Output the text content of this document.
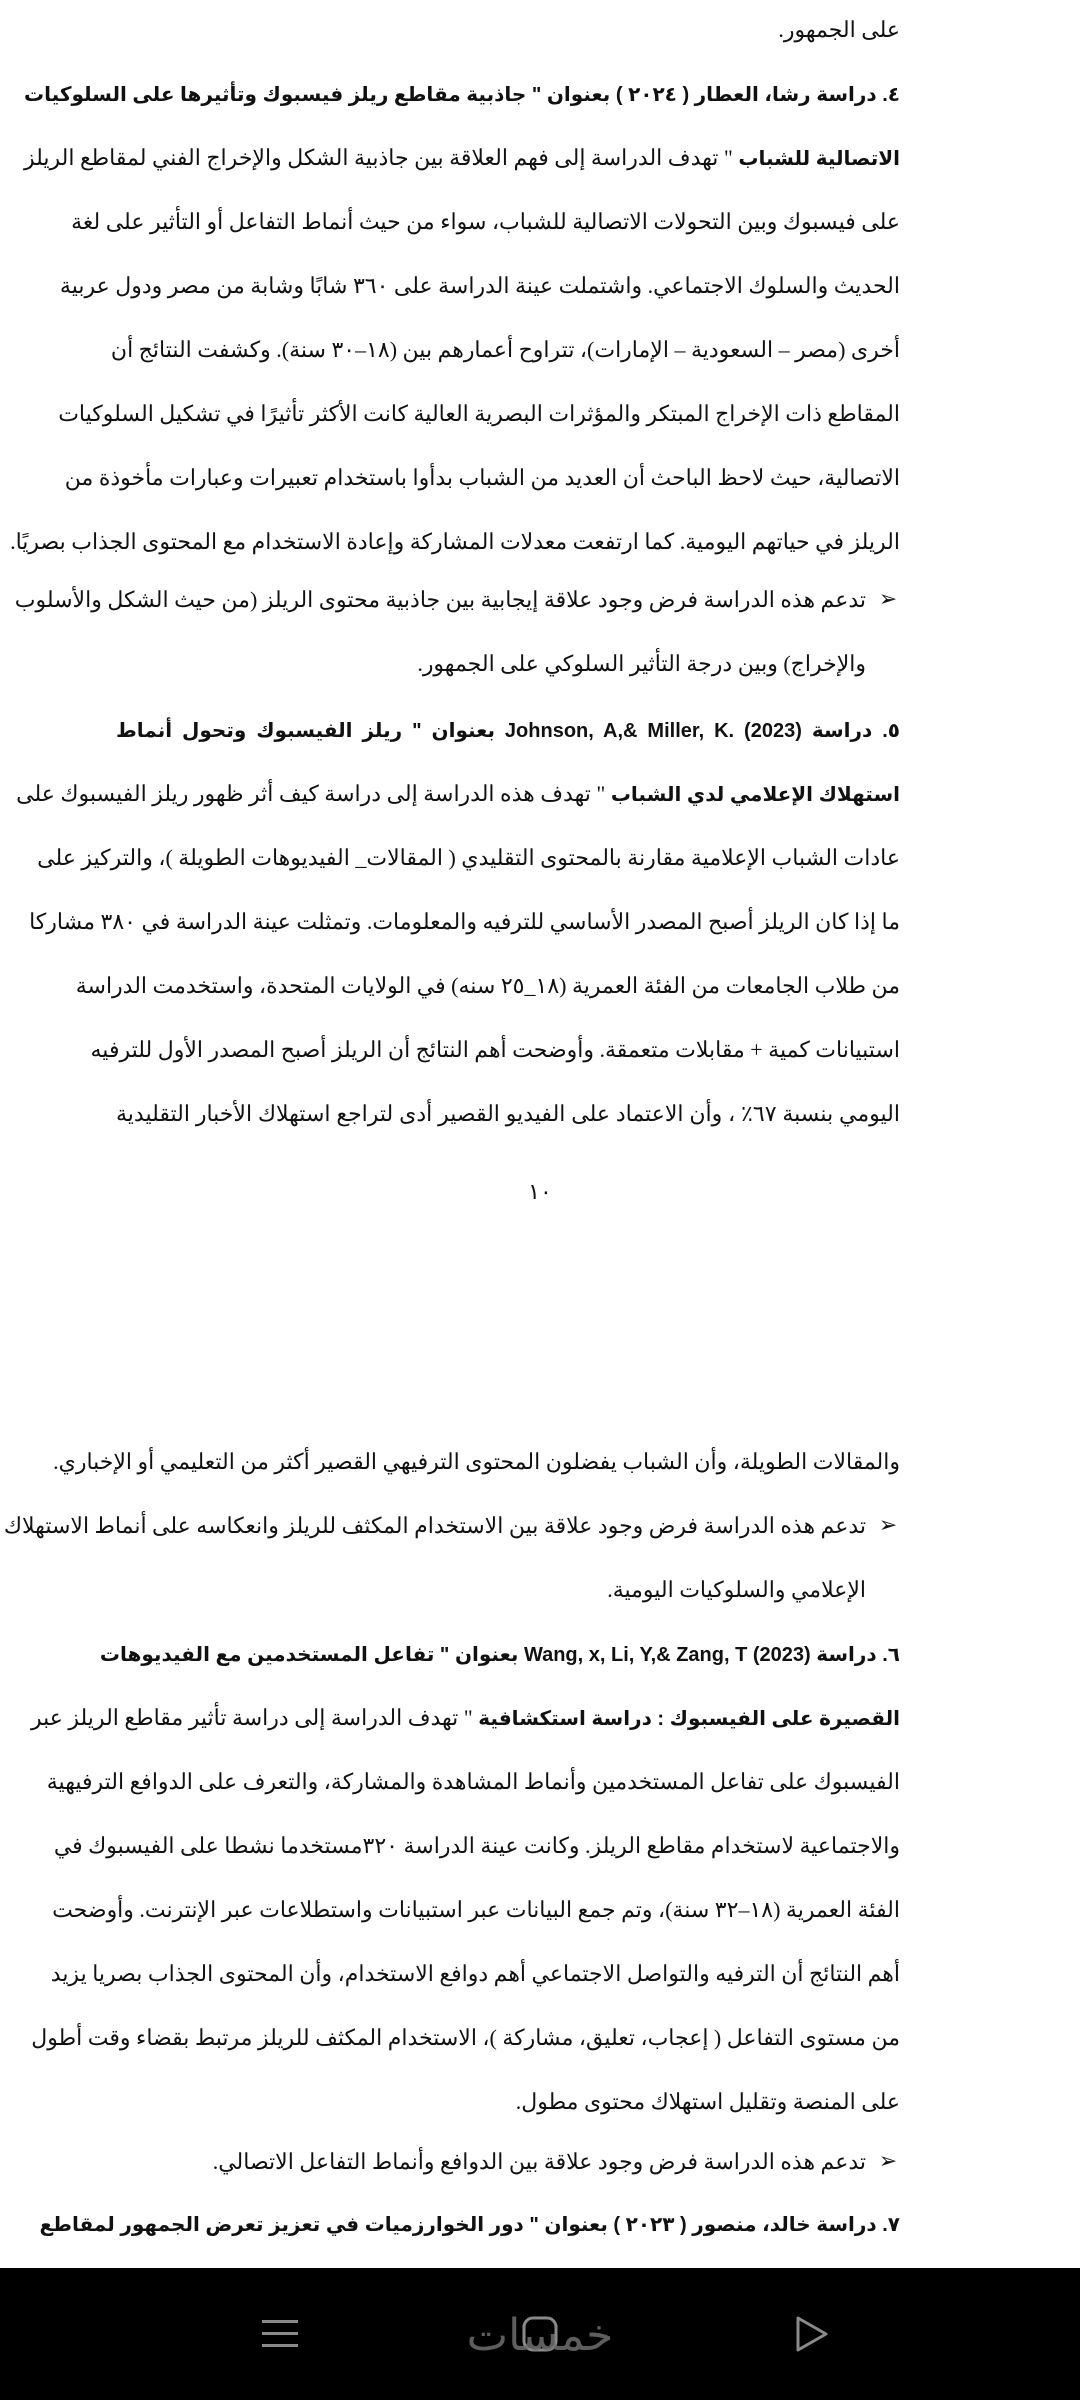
على الجمهور.
٤. دراسة رشا، العطار ( ٢٠٢٤ ) بعنوان " جاذبية مقاطع ريلز فيسبوك وتأثيرها على السلوكيات
الاتصالية للشباب " تهدف الدراسة إلى فهم العلاقة بين جاذبية الشكل والإخراج الفني لمقاطع الريلز
على فيسبوك وبين التحولات الاتصالية للشباب، سواء من حيث أنماط التفاعل أو التأثير على لغة
الحديث والسلوك الاجتماعي. واشتملت عينة الدراسة على ٣٦٠ شابًا وشابة من مصر ودول عربية
أخرى (مصر – السعودية – الإمارات)، تتراوح أعمارهم بين (١٨–٣٠ سنة). وكشفت النتائج أن
المقاطع ذات الإخراج المبتكر والمؤثرات البصرية العالية كانت الأكثر تأثيرًا في تشكيل السلوكيات
الاتصالية، حيث لاحظ الباحث أن العديد من الشباب بدأوا باستخدام تعبيرات وعبارات مأخوذة من
الريلز في حياتهم اليومية. كما ارتفعت معدلات المشاركة وإعادة الاستخدام مع المحتوى الجذاب بصريًا.
➢
تدعم هذه الدراسة فرض وجود علاقة إيجابية بين جاذبية محتوى الريلز (من حيث الشكل والأسلوب
والإخراج) وبين درجة التأثير السلوكي على الجمهور.
٥. دراسة Johnson, A,& Miller, K. (2023) بعنوان " ريلز الفيسبوك وتحول أنماط
استهلاك الإعلامي لدي الشباب " تهدف هذه الدراسة إلى دراسة كيف أثر ظهور ريلز الفيسبوك على
عادات الشباب الإعلامية مقارنة بالمحتوى التقليدي ( المقالات_ الفيديوهات الطويلة )، والتركيز على
ما إذا كان الريلز أصبح المصدر الأساسي للترفيه والمعلومات. وتمثلت عينة الدراسة في ٣٨٠ مشاركا
من طلاب الجامعات من الفئة العمرية (١٨_٢٥ سنه) في الولايات المتحدة، واستخدمت الدراسة
استبيانات كمية + مقابلات متعمقة. وأوضحت أهم النتائج أن الريلز أصبح المصدر الأول للترفيه
اليومي بنسبة ٦٧٪ ، وأن الاعتماد على الفيديو القصير أدى لتراجع استهلاك الأخبار التقليدية
١٠
والمقالات الطويلة، وأن الشباب يفضلون المحتوى الترفيهي القصير أكثر من التعليمي أو الإخباري.
➢
تدعم هذه الدراسة فرض وجود علاقة بين الاستخدام المكثف للريلز وانعكاسه على أنماط الاستهلاك
الإعلامي والسلوكيات اليومية.
٦. دراسة Wang, x, Li, Y,& Zang, T (2023) بعنوان " تفاعل المستخدمين مع الفيديوهات
القصيرة على الفيسبوك : دراسة استكشافية " تهدف الدراسة إلى دراسة تأثير مقاطع الريلز عبر
الفيسبوك على تفاعل المستخدمين وأنماط المشاهدة والمشاركة، والتعرف على الدوافع الترفيهية
والاجتماعية لاستخدام مقاطع الريلز. وكانت عينة الدراسة ٣٢٠مستخدما نشطا على الفيسبوك في
الفئة العمرية (١٨–٣٢ سنة)، وتم جمع البيانات عبر استبيانات واستطلاعات عبر الإنترنت. وأوضحت
أهم النتائج أن الترفيه والتواصل الاجتماعي أهم دوافع الاستخدام، وأن المحتوى الجذاب بصريا يزيد
من مستوى التفاعل ( إعجاب، تعليق، مشاركة )، الاستخدام المكثف للريلز مرتبط بقضاء وقت أطول
على المنصة وتقليل استهلاك محتوى مطول.
➢
تدعم هذه الدراسة فرض وجود علاقة بين الدوافع وأنماط التفاعل الاتصالي.
٧. دراسة خالد، منصور ( ٢٠٢٣ ) بعنوان " دور الخوارزميات في تعزيز تعرض الجمهور لمقاطع
خمسات
